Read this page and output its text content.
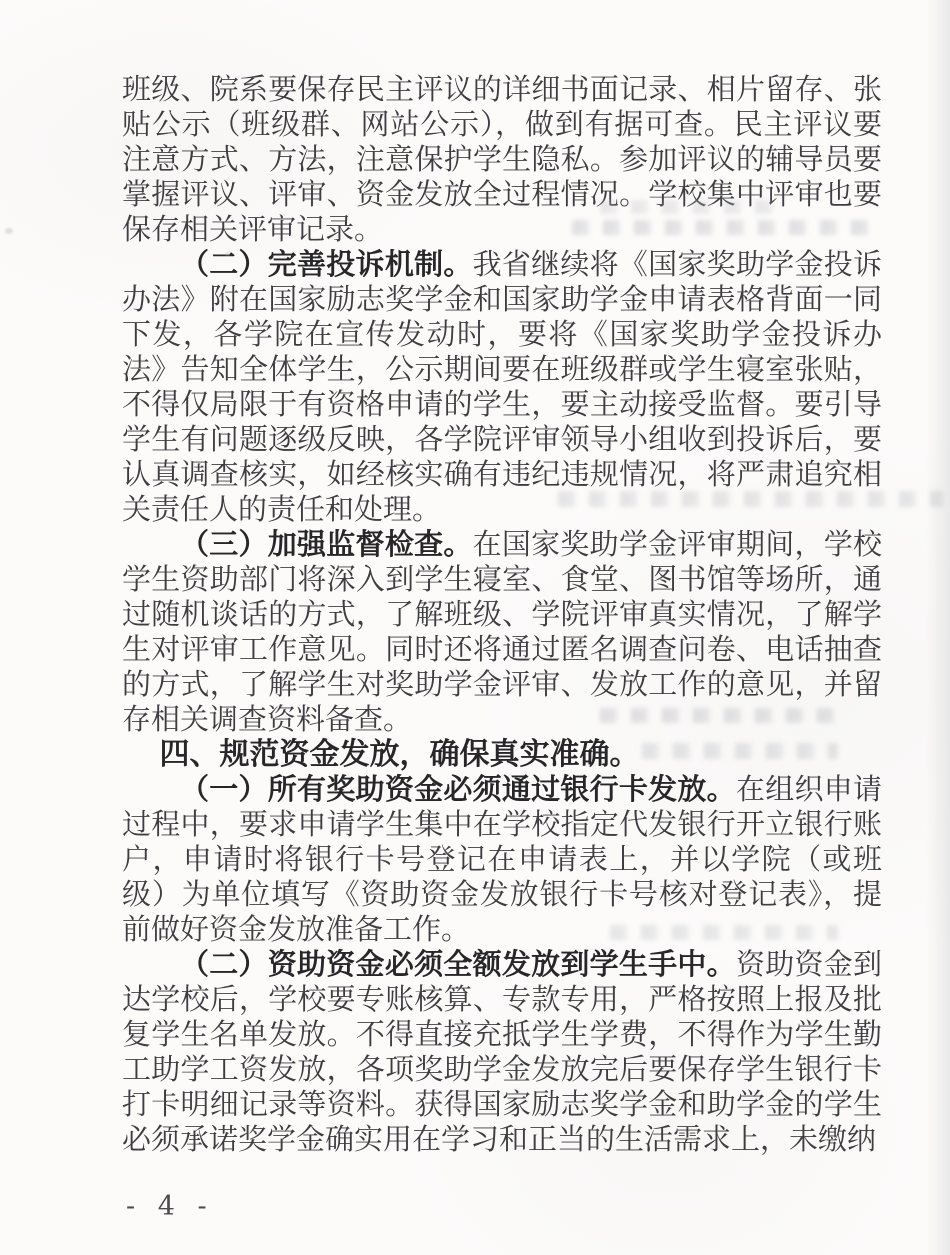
班级、院系要保存民主评议的详细书面记录、相片留存、张贴公示（班级群、网站公示），做到有据可查。民主评议要注意方式、方法，注意保护学生隐私。参加评议的辅导员要掌握评议、评审、资金发放全过程情况。学校集中评审也要保存相关评审记录。

（二）完善投诉机制。我省继续将《国家奖助学金投诉办法》附在国家励志奖学金和国家助学金申请表格背面一同下发，各学院在宣传发动时，要将《国家奖助学金投诉办法》告知全体学生，公示期间要在班级群或学生寝室张贴，不得仅局限于有资格申请的学生，要主动接受监督。要引导学生有问题逐级反映，各学院评审领导小组收到投诉后，要认真调查核实，如经核实确有违纪违规情况，将严肃追究相关责任人的责任和处理。

（三）加强监督检查。在国家奖助学金评审期间，学校学生资助部门将深入到学生寝室、食堂、图书馆等场所，通过随机谈话的方式，了解班级、学院评审真实情况，了解学生对评审工作意见。同时还将通过匿名调查问卷、电话抽查的方式，了解学生对奖助学金评审、发放工作的意见，并留存相关调查资料备查。

四、规范资金发放，确保真实准确。

（一）所有奖助资金必须通过银行卡发放。在组织申请过程中，要求申请学生集中在学校指定代发银行开立银行账户，申请时将银行卡号登记在申请表上，并以学院（或班级）为单位填写《资助资金发放银行卡号核对登记表》，提前做好资金发放准备工作。

（二）资助资金必须全额发放到学生手中。资助资金到达学校后，学校要专账核算、专款专用，严格按照上报及批复学生名单发放。不得直接充抵学生学费，不得作为学生勤工助学工资发放，各项奖助学金发放完后要保存学生银行卡打卡明细记录等资料。获得国家励志奖学金和助学金的学生必须承诺奖学金确实用在学习和正当的生活需求上，未缴纳

- 4 -
